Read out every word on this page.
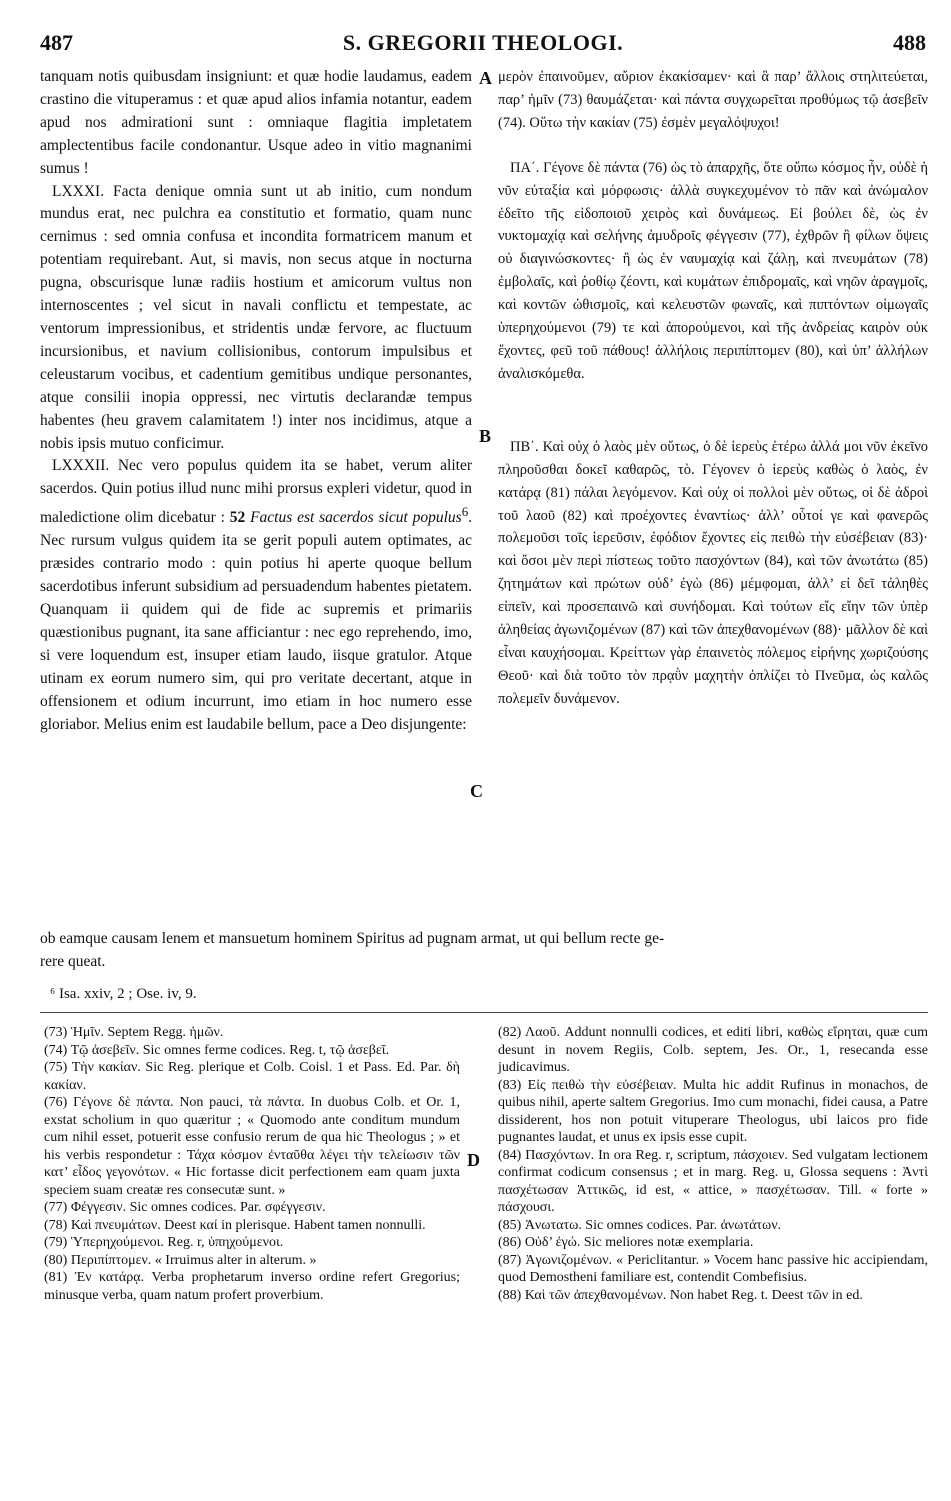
487	S. GREGORII THEOLOGI.	488
A
B
C
D

tanquam notis quibusdam insigniunt: et quæ hodie laudamus, eadem crastino die vituperamus : et quæ apud alios infamia notantur, eadem apud nos admirationi sunt : omniaque flagitia impletatem amplectentibus facile condonantur. Usque adeo in vitio magnanimi sumus !

LXXXI. Facta denique omnia sunt ut ab initio, cum nondum mundus erat, nec pulchra ea constitutio et formatio, quam nunc cernimus : sed omnia confusa et incondita formatricem manum et potentiam requirebant. Aut, si mavis, non secus atque in nocturna pugna, obscurisque lunæ radiis hostium et amicorum vultus non internoscentes ; vel sicut in navali conflictu et tempestate, ac ventorum impressionibus, et stridentis undæ fervore, ac fluctuum incursionibus, et navium collisionibus, contorum impulsibus et celeustarum vocibus, et cadentium gemitibus undique personantes, atque consilii inopia oppressi, nec virtutis declarandæ tempus habentes (heu gravem calamitatem !) inter nos incidimus, atque a nobis ipsis mutuo conficimur.

LXXXII. Nec vero populus quidem ita se habet, verum aliter sacerdos. Quin potius illud nunc mihi prorsus expleri videtur, quod in maledictione olim dicebatur : 52 Factus est sacerdos sicut populus$^6$. Nec rursum vulgus quidem ita se gerit populi autem optimates, ac præsides contrario modo : quin potius hi aperte quoque bellum sacerdotibus inferunt subsidium ad persuadendum habentes pietatem. Quanquam ii quidem qui de fide ac supremis et primariis quæstionibus pugnant, ita sane afficiantur : nec ego reprehendo, imo, si vere loquendum est, insuper etiam laudo, iisque gratulor. Atque utinam ex eorum numero sim, qui pro veritate decertant, atque in offensionem et odium incurrunt, imo etiam in hoc numero esse gloriabor. Melius enim est laudabile bellum, pace a Deo disjungente:

μερὸν ἐπαινοῦμεν, αὔριον ἐκακίσαμεν· καὶ ἃ παρ’ ἄλλοις στηλιτεύεται, παρ’ ἡμῖν (73) θαυμάζεται· καὶ πάντα συγχωρεῖται προθύμως τῷ ἀσεβεῖν (74). Οὕτω τὴν κακίαν (75) ἐσμὲν μεγαλόψυχοι!

ΠΑ΄. Γέγονε δὲ πάντα (76) ὡς τὸ ἀπαρχῆς, ὅτε οὔπω κόσμος ἦν, οὐδὲ ἡ νῦν εὐταξία καὶ μόρφωσις· ἀλλὰ συγκεχυμένον τὸ πᾶν καὶ ἀνώμαλον ἐδεῖτο τῆς εἰδοποιοῦ χειρὸς καὶ δυνάμεως. Εἰ βούλει δὲ, ὡς ἐν νυκτομαχίᾳ καὶ σελήνης ἀμυδροῖς φέγγεσιν (77), ἐχθρῶν ἢ φίλων ὄψεις οὐ διαγινώσκοντες· ἢ ὡς ἐν ναυμαχίᾳ καὶ ζάλῃ, καὶ πνευμάτων (78) ἐμβολαῖς, καὶ ῥοθίῳ ζέοντι, καὶ κυμάτων ἐπιδρομαῖς, καὶ νηῶν ἀραγμοῖς, καὶ κοντῶν ὠθισμοῖς, καὶ κελευστῶν φωναῖς, καὶ πιπτόντων οἰμωγαῖς ὑπερηχούμενοι (79) τε καὶ ἀπορούμενοι, καὶ τῆς ἀνδρείας καιρὸν οὐκ ἔχοντες, φεῦ τοῦ πάθους! ἀλλήλοις περιπίπτομεν (80), καὶ ὑπ’ ἀλλήλων ἀναλισκόμεθα.

ΠΒ΄. Καὶ οὐχ ὁ λαὸς μὲν οὕτως, ὁ δὲ ἱερεὺς ἑτέρω ἀλλά μοι νῦν ἐκεῖνο πληροῦσθαι δοκεῖ καθαρῶς, τὸ. Γέγονεν ὁ ἱερεὺς καθὼς ὁ λαὸς, ἐν κατάρᾳ (81) πάλαι λεγόμενον. Καὶ οὐχ οἱ πολλοὶ μὲν οὕτως, οἱ δὲ ἀδροὶ τοῦ λαοῦ (82) καὶ προέχοντες ἐναντίως· ἀλλ’ οὗτοί γε καὶ φανερῶς πολεμοῦσι τοῖς ἱερεῦσιν, ἐφόδιον ἔχοντες εἰς πειθὼ τὴν εὐσέβειαν (83)· καὶ ὅσοι μὲν περὶ πίστεως τοῦτο πασχόντων (84), καὶ τῶν ἀνωτάτω (85) ζητημάτων καὶ πρώτων οὐδ’ ἐγὼ (86) μέμφομαι, ἀλλ’ εἰ δεῖ τἀληθὲς εἰπεῖν, καὶ προσεπαινῶ καὶ συνήδομαι. Καὶ τούτων εἴς εἴην τῶν ὑπὲρ ἀληθείας ἀγωνιζομένων (87) καὶ τῶν ἀπεχθανομένων (88)· μᾶλλον δὲ καὶ εἶναι καυχήσομαι. Κρείττων γὰρ ἐπαινετὸς πόλεμος εἰρήνης χωριζούσης Θεοῦ· καὶ διὰ τοῦτο τὸν πρᾳῢν μαχητὴν ὁπλίζει τὸ Πνεῦμα, ὡς καλῶς πολεμεῖν δυνάμενον.

ob eamque causam lenem et mansuetum hominem Spiritus ad pugnam armat, ut qui bellum recte ge-

rere queat.

⁶ Isa. xxiv, 2 ; Ose. iv, 9.

(73) Ἡμῖν. Septem Regg. ἡμῶν.

(74) Τῷ ἀσεβεῖν. Sic omnes ferme codices. Reg. t, τῷ ἀσεβεῖ.

(75) Τὴν κακίαν. Sic Reg. plerique et Colb. Coisl. 1 et Pass. Ed. Par. δὴ κακίαν.

(76) Γέγονε δὲ πάντα. Non pauci, τὰ πάντα. In duobus Colb. et Or. 1, exstat scholium in quo quæritur ; « Quomodo ante conditum mundum cum nihil esset, potuerit esse confusio rerum de qua hic Theologus ; » et his verbis respondetur : Τάχα κόσμον ἐνταῦθα λέγει τὴν τελείωσιν τῶν κατ’ εἶδος γεγονότων. « Hic fortasse dicit perfectionem eam quam juxta speciem suam creatæ res consecutæ sunt. »

(77) Φέγγεσιν. Sic omnes codices. Par. σφέγγεσιν.

(78) Καὶ πνευμάτων. Deest καί in plerisque. Habent tamen nonnulli.

(79) Ὑπερηχούμενοι. Reg. r, ὑπηχούμενοι.

(80) Περιπίπτομεν. « Irruimus alter in alterum. »

(81) Ἐν κατάρᾳ. Verba prophetarum inverso ordine refert Gregorius; minusque verba, quam natum profert proverbium.

(82) Λαοῦ. Addunt nonnulli codices, et editi libri, καθὼς εἴρηται, quæ cum desunt in novem Regiis, Colb. septem, Jes. Or., 1, resecanda esse judicavimus.

(83) Εἰς πειθὼ τὴν εὐσέβειαν. Multa hic addit Rufinus in monachos, de quibus nihil, aperte saltem Gregorius. Imo cum monachi, fidei causa, a Patre dissiderent, hos non potuit vituperare Theologus, ubi laicos pro fide pugnantes laudat, et unus ex ipsis esse cupit.

(84) Πασχόντων. In ora Reg. r, scriptum, πάσχοιεν. Sed vulgatam lectionem confirmat codicum consensus ; et in marg. Reg. u, Glossa sequens : Ἀντὶ πασχέτωσαν Ἀττικῶς, id est, « attice, » πασχέτωσαν. Till. « forte » πάσχουσι.

(85) Ἀνωτατω. Sic omnes codices. Par. ἀνωτάτων.

(86) Οὐδ’ ἐγώ. Sic meliores notæ exemplaria.

(87) Ἀγωνιζομένων. « Periclitantur. » Vocem hanc passive hic accipiendam, quod Demostheni familiare est, contendit Combefisius.

(88) Καὶ τῶν ἀπεχθανομένων. Non habet Reg. t. Deest τῶν in ed.
